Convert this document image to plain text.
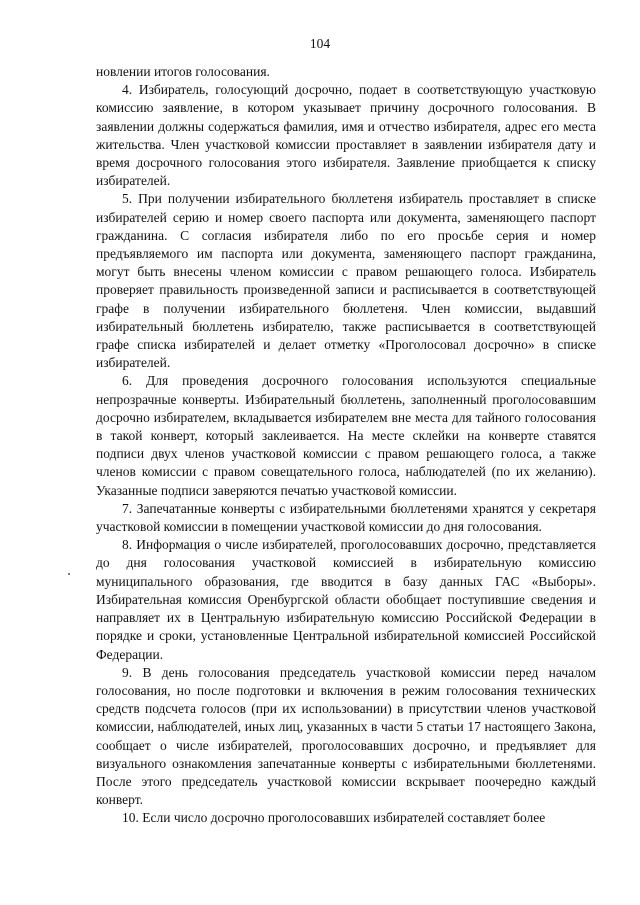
104

новлении итогов голосования.

4. Избиратель, голосующий досрочно, подает в соответствующую участковую комиссию заявление, в котором указывает причину досрочного голосования. В заявлении должны содержаться фамилия, имя и отчество избирателя, адрес его места жительства. Член участковой комиссии проставляет в заявлении избирателя дату и время досрочного голосования этого избирателя. Заявление приобщается к списку избирателей.

5. При получении избирательного бюллетеня избиратель проставляет в списке избирателей серию и номер своего паспорта или документа, заменяющего паспорт гражданина. С согласия избирателя либо по его просьбе серия и номер предъявляемого им паспорта или документа, заменяющего паспорт гражданина, могут быть внесены членом комиссии с правом решающего голоса. Избиратель проверяет правильность произведенной записи и расписывается в соответствующей графе в получении избирательного бюллетеня. Член комиссии, выдавший избирательный бюллетень избирателю, также расписывается в соответствующей графе списка избирателей и делает отметку «Проголосовал досрочно» в списке избирателей.

6. Для проведения досрочного голосования используются специальные непрозрачные конверты. Избирательный бюллетень, заполненный проголосовавшим досрочно избирателем, вкладывается избирателем вне места для тайного голосования в такой конверт, который заклеивается. На месте склейки на конверте ставятся подписи двух членов участковой комиссии с правом решающего голоса, а также членов комиссии с правом совещательного голоса, наблюдателей (по их желанию). Указанные подписи заверяются печатью участковой комиссии.

7. Запечатанные конверты с избирательными бюллетенями хранятся у секретаря участковой комиссии в помещении участковой комиссии до дня голосования.

8. Информация о числе избирателей, проголосовавших досрочно, представляется до дня голосования участковой комиссией в избирательную комиссию муниципального образования, где вводится в базу данных ГАС «Выборы». Избирательная комиссия Оренбургской области обобщает поступившие сведения и направляет их в Центральную избирательную комиссию Российской Федерации в порядке и сроки, установленные Центральной избирательной комиссией Российской Федерации.

9. В день голосования председатель участковой комиссии перед началом голосования, но после подготовки и включения в режим голосования технических средств подсчета голосов (при их использовании) в присутствии членов участковой комиссии, наблюдателей, иных лиц, указанных в части 5 статьи 17 настоящего Закона, сообщает о числе избирателей, проголосовавших досрочно, и предъявляет для визуального ознакомления запечатанные конверты с избирательными бюллетенями. После этого председатель участковой комиссии вскрывает поочередно каждый конверт.

10. Если число досрочно проголосовавших избирателей составляет более
